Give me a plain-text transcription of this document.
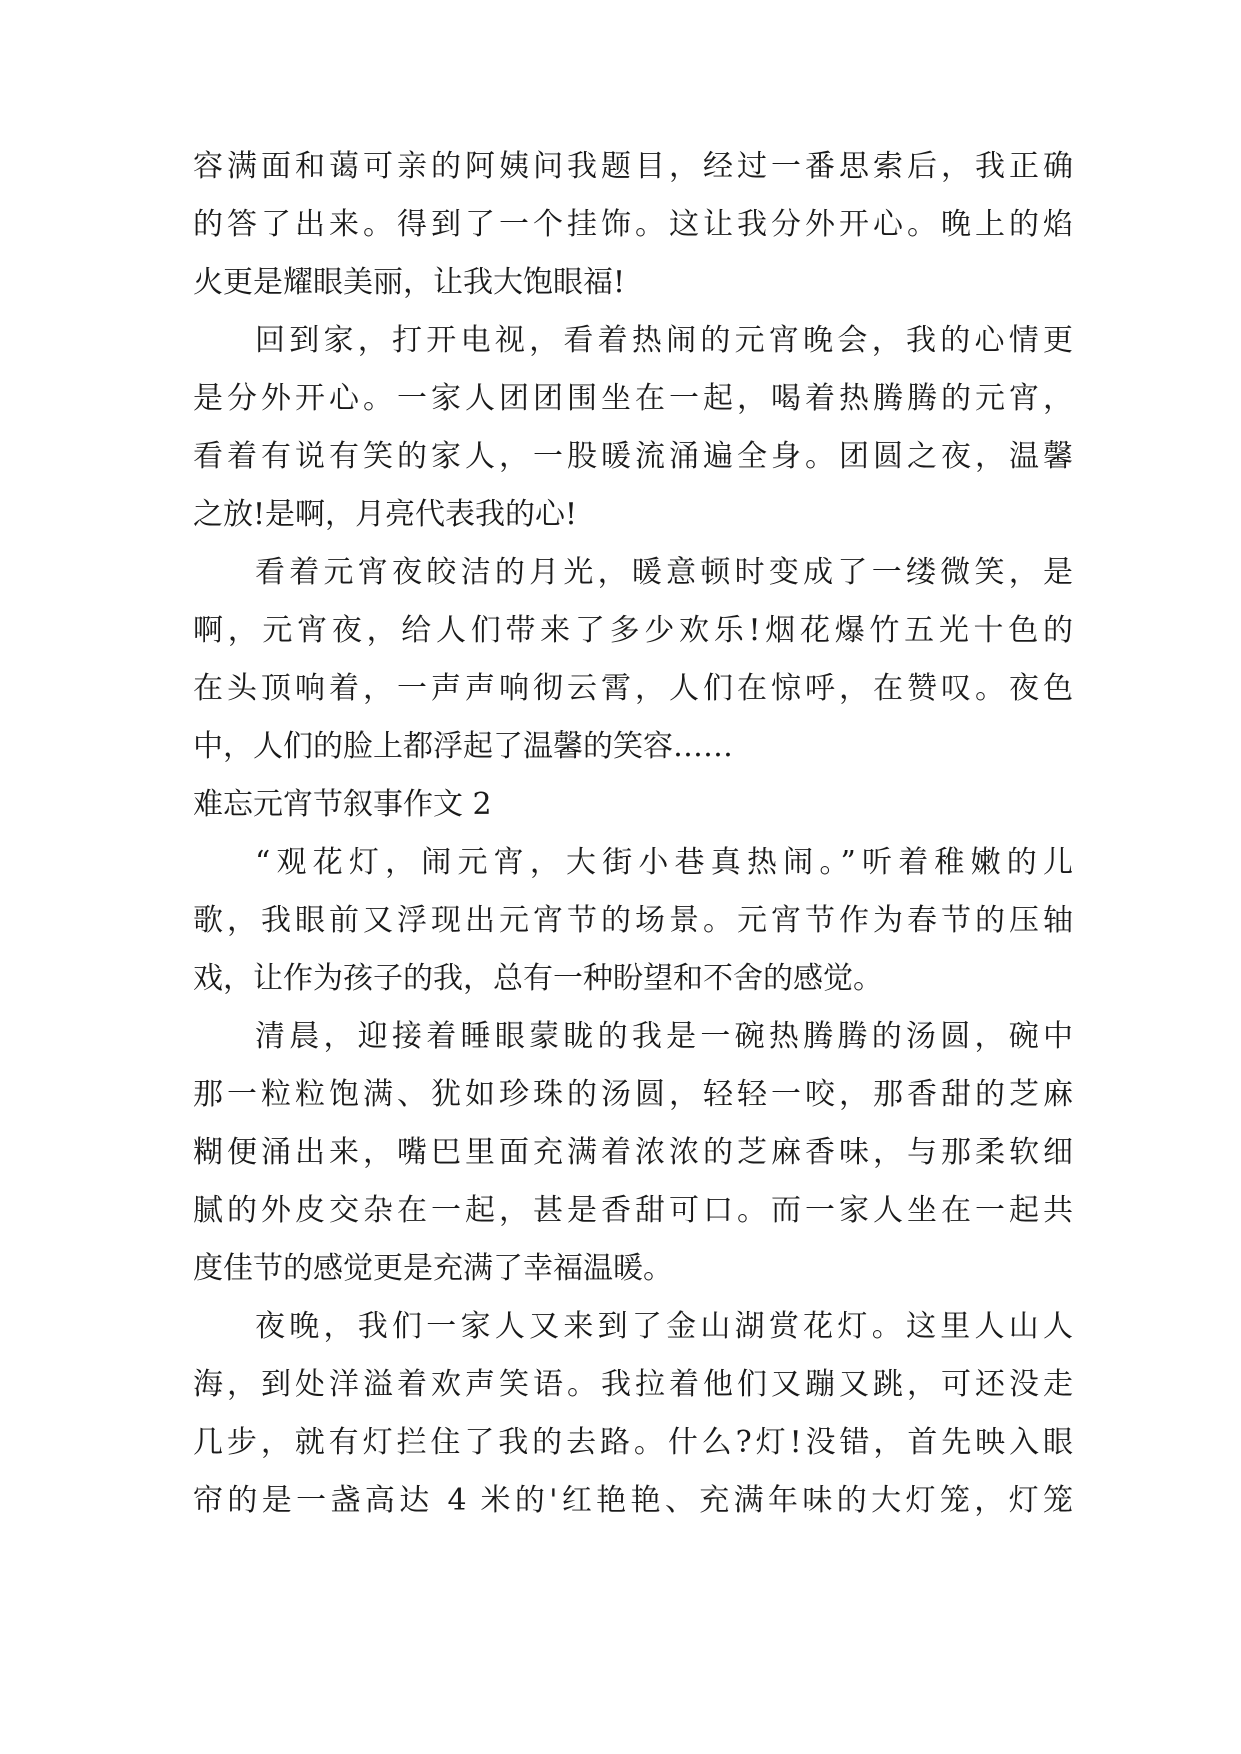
容满面和蔼可亲的阿姨问我题目，经过一番思索后，我正确

的答了出来。得到了一个挂饰。这让我分外开心。晚上的焰

火更是耀眼美丽，让我大饱眼福!

回到家，打开电视，看着热闹的元宵晚会，我的心情更

是分外开心。一家人团团围坐在一起，喝着热腾腾的元宵，

看着有说有笑的家人，一股暖流涌遍全身。团圆之夜，温馨

之放!是啊，月亮代表我的心!

看着元宵夜皎洁的月光，暖意顿时变成了一缕微笑，是

啊，元宵夜，给人们带来了多少欢乐!烟花爆竹五光十色的

在头顶响着，一声声响彻云霄，人们在惊呼，在赞叹。夜色

中，人们的脸上都浮起了温馨的笑容……

难忘元宵节叙事作文 2

“观花灯，闹元宵，大街小巷真热闹。”听着稚嫩的儿

歌，我眼前又浮现出元宵节的场景。元宵节作为春节的压轴

戏，让作为孩子的我，总有一种盼望和不舍的感觉。

清晨，迎接着睡眼蒙眬的我是一碗热腾腾的汤圆，碗中

那一粒粒饱满、犹如珍珠的汤圆，轻轻一咬，那香甜的芝麻

糊便涌出来，嘴巴里面充满着浓浓的芝麻香味，与那柔软细

腻的外皮交杂在一起，甚是香甜可口。而一家人坐在一起共

度佳节的感觉更是充满了幸福温暖。

夜晚，我们一家人又来到了金山湖赏花灯。这里人山人

海，到处洋溢着欢声笑语。我拉着他们又蹦又跳，可还没走

几步，就有灯拦住了我的去路。什么?灯!没错，首先映入眼

帘的是一盏高达 4 米的'红艳艳、充满年味的大灯笼，灯笼
